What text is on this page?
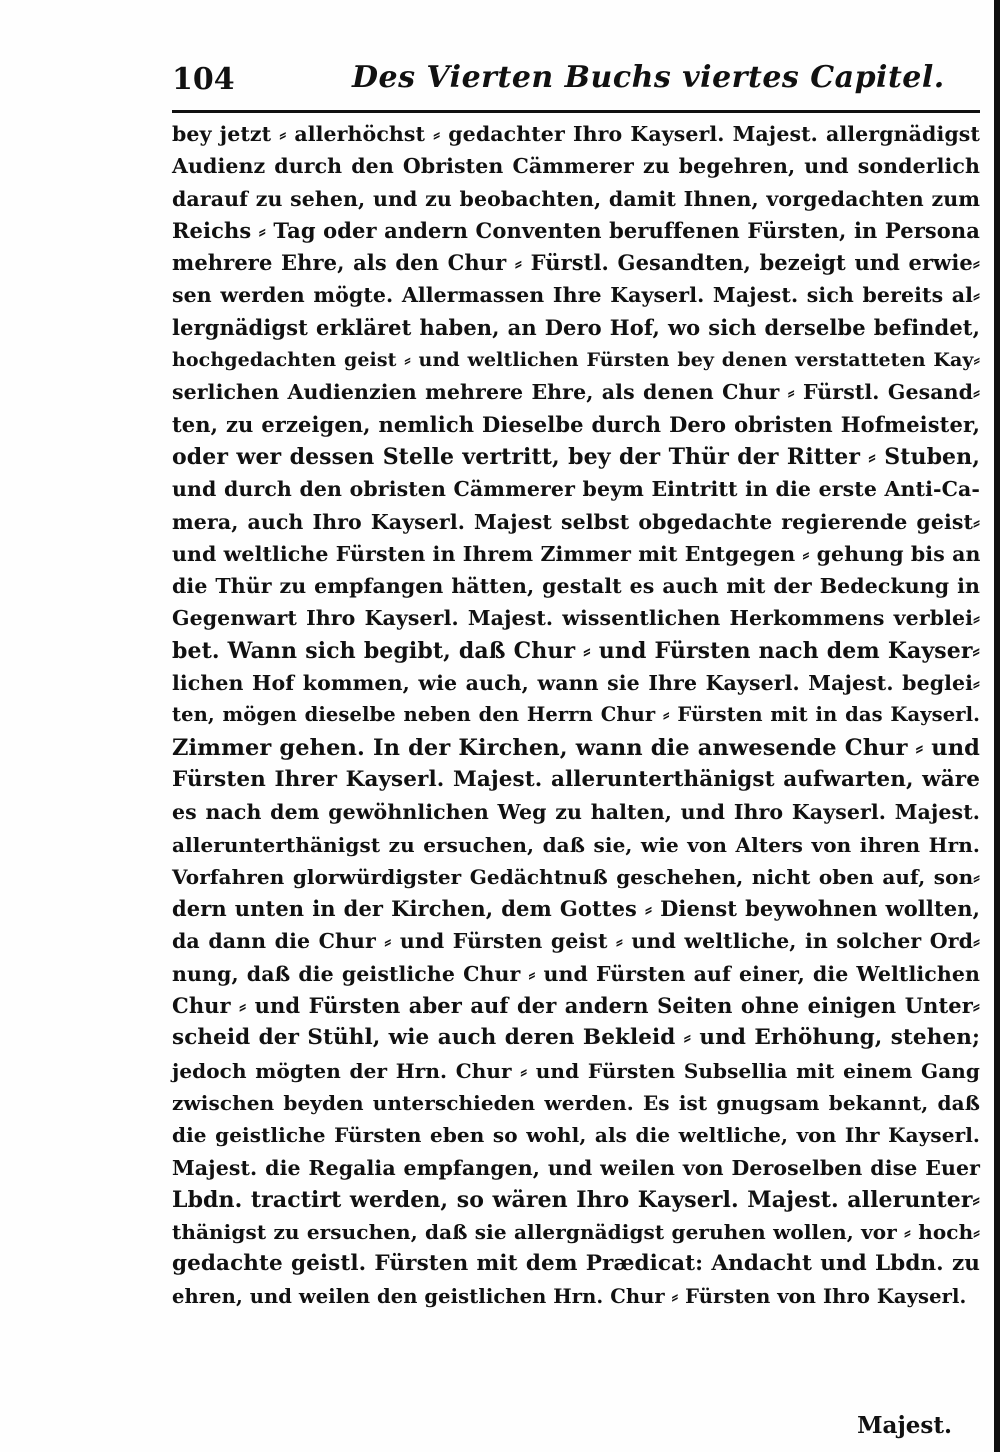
104	Des Vierten Buchs viertes Capitel.
bey jetzt ⸗ allerhöchst ⸗ gedachter Ihro Kayserl. Majest. allergnädigst
Audienz durch den Obristen Cämmerer zu begehren, und sonderlich
darauf zu sehen, und zu beobachten, damit Ihnen, vorgedachten zum
Reichs ⸗ Tag oder andern Conventen beruffenen Fürsten, in Persona
mehrere Ehre, als den Chur ⸗ Fürstl. Gesandten, bezeigt und erwie⸗
sen werden mögte. Allermassen Ihre Kayserl. Majest. sich bereits al⸗
lergnädigst erkläret haben, an Dero Hof, wo sich derselbe befindet,
hochgedachten geist ⸗ und weltlichen Fürsten bey denen verstatteten Kay⸗
serlichen Audienzien mehrere Ehre, als denen Chur ⸗ Fürstl. Gesand⸗
ten, zu erzeigen, nemlich Dieselbe durch Dero obristen Hofmeister,
oder wer dessen Stelle vertritt, bey der Thür der Ritter ⸗ Stuben,
und durch den obristen Cämmerer beym Eintritt in die erste Anti-Ca-
mera, auch Ihro Kayserl. Majest selbst obgedachte regierende geist⸗
und weltliche Fürsten in Ihrem Zimmer mit Entgegen ⸗ gehung bis an
die Thür zu empfangen hätten, gestalt es auch mit der Bedeckung in
Gegenwart Ihro Kayserl. Majest. wissentlichen Herkommens verblei⸗
bet. Wann sich begibt, daß Chur ⸗ und Fürsten nach dem Kayser⸗
lichen Hof kommen, wie auch, wann sie Ihre Kayserl. Majest. beglei⸗
ten, mögen dieselbe neben den Herrn Chur ⸗ Fürsten mit in das Kayserl.
Zimmer gehen. In der Kirchen, wann die anwesende Chur ⸗ und
Fürsten Ihrer Kayserl. Majest. allerunterthänigst aufwarten, wäre
es nach dem gewöhnlichen Weg zu halten, und Ihro Kayserl. Majest.
allerunterthänigst zu ersuchen, daß sie, wie von Alters von ihren Hrn.
Vorfahren glorwürdigster Gedächtnuß geschehen, nicht oben auf, son⸗
dern unten in der Kirchen, dem Gottes ⸗ Dienst beywohnen wollten,
da dann die Chur ⸗ und Fürsten geist ⸗ und weltliche, in solcher Ord⸗
nung, daß die geistliche Chur ⸗ und Fürsten auf einer, die Weltlichen
Chur ⸗ und Fürsten aber auf der andern Seiten ohne einigen Unter⸗
scheid der Stühl, wie auch deren Bekleid ⸗ und Erhöhung, stehen;
jedoch mögten der Hrn. Chur ⸗ und Fürsten Subsellia mit einem Gang
zwischen beyden unterschieden werden. Es ist gnugsam bekannt, daß
die geistliche Fürsten eben so wohl, als die weltliche, von Ihr Kayserl.
Majest. die Regalia empfangen, und weilen von Deroselben dise Euer
Lbdn. tractirt werden, so wären Ihro Kayserl. Majest. allerunter⸗
thänigst zu ersuchen, daß sie allergnädigst geruhen wollen, vor ⸗ hoch⸗
gedachte geistl. Fürsten mit dem Prædicat: Andacht und Lbdn. zu
ehren, und weilen den geistlichen Hrn. Chur ⸗ Fürsten von Ihro Kayserl.
Majest.
